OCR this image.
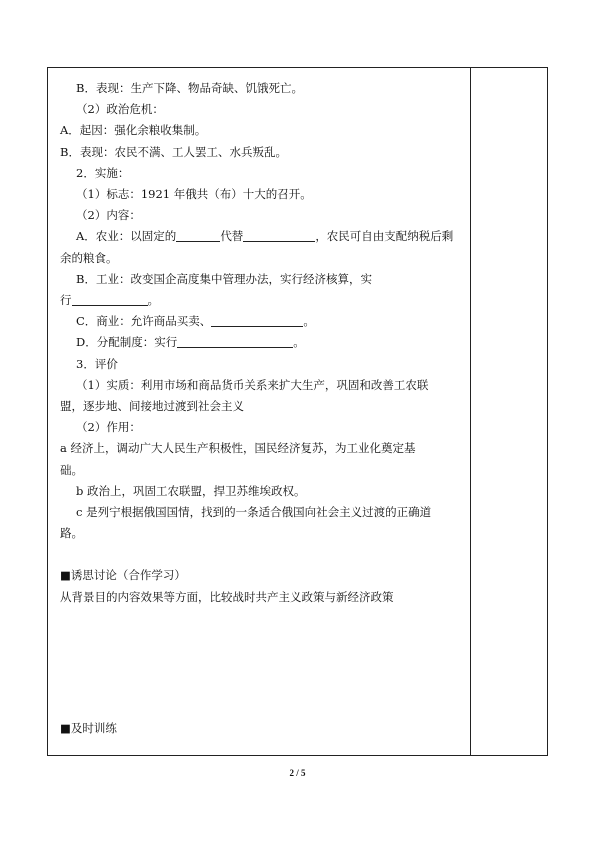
B．表现：生产下降、物品奇缺、饥饿死亡。

（2）政治危机：

A．起因：强化余粮收集制。

B．表现：农民不满、工人罢工、水兵叛乱。

2．实施：

（1）标志：1921 年俄共（布）十大的召开。

（2）内容：

A．农业：以固定的	代替	，农民可自由支配纳税后剩

余的粮食。

B．工业：改变国企高度集中管理办法，实行经济核算，实

行	。

C．商业：允许商品买卖、	。

D．分配制度：实行	。

3．评价

（1）实质：利用市场和商品货币关系来扩大生产，巩固和改善工农联

盟，逐步地、间接地过渡到社会主义

（2）作用：

a 经济上，调动广大人民生产积极性，国民经济复苏，为工业化奠定基

础。

b 政治上，巩固工农联盟，捍卫苏维埃政权。

c 是列宁根据俄国国情，找到的一条适合俄国向社会主义过渡的正确道

路。

■诱思讨论（合作学习）

从背景目的内容效果等方面，比较战时共产主义政策与新经济政策

■及时训练

2 / 5
